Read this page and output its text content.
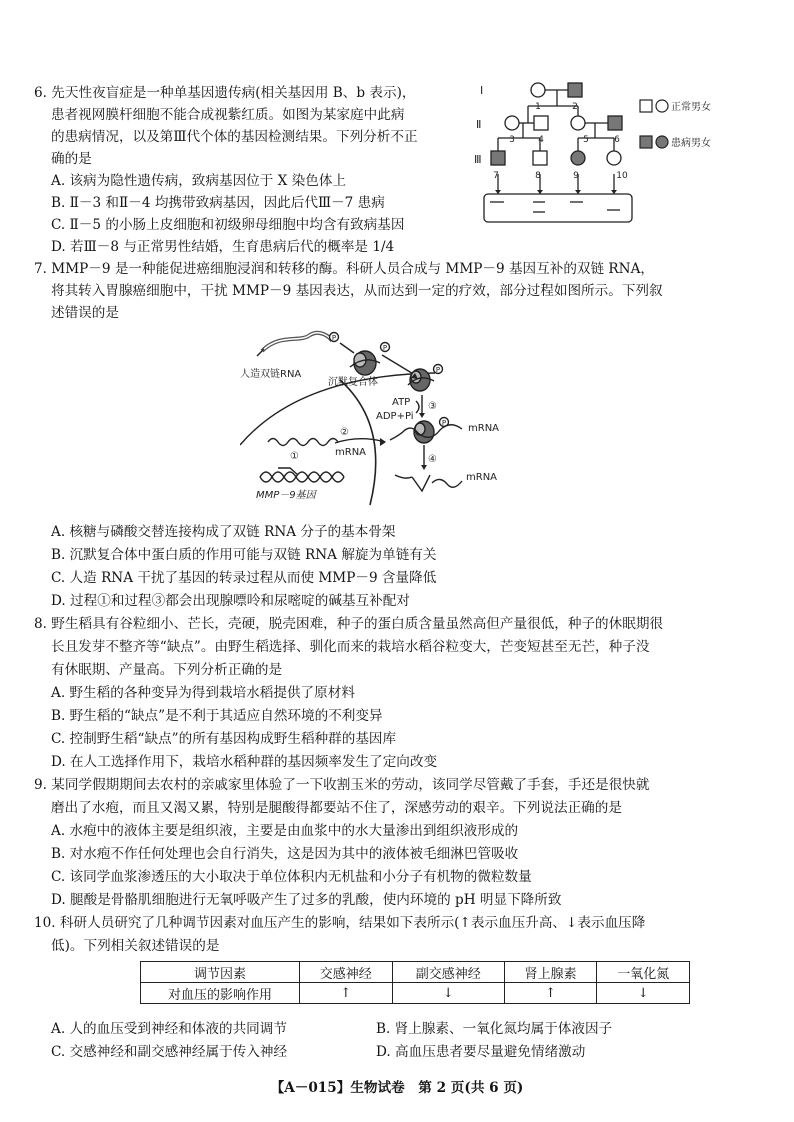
6. 先天性夜盲症是一种单基因遗传病(相关基因用 B、b 表示)，
患者视网膜杆细胞不能合成视紫红质。如图为某家庭中此病
的患病情况，以及第Ⅲ代个体的基因检测结果。下列分析不正
确的是
A. 该病为隐性遗传病，致病基因位于 X 染色体上
B. Ⅱ－3 和Ⅱ－4 均携带致病基因，因此后代Ⅲ－7 患病
C. Ⅱ－5 的小肠上皮细胞和初级卵母细胞中均含有致病基因
D. 若Ⅲ－8 与正常男性结婚，生育患病后代的概率是 1/4
Ⅰ
Ⅱ
Ⅲ
1	2
3	4	5	6
7	8	9	10
正常男女
患病男女
7. MMP－9 是一种能促进癌细胞浸润和转移的酶。科研人员合成与 MMP－9 基因互补的双链 RNA，
将其转入胃腺癌细胞中，干扰 MMP－9 基因表达，从而达到一定的疗效，部分过程如图所示。下列叙
述错误的是
P
P
P
P
人造双链RNA
沉默复合体
ATP
ADP+Pi
③
mRNA
④
mRNA
②
①	mRNA
MMP－9基因
A. 核糖与磷酸交替连接构成了双链 RNA 分子的基本骨架
B. 沉默复合体中蛋白质的作用可能与双链 RNA 解旋为单链有关
C. 人造 RNA 干扰了基因的转录过程从而使 MMP－9 含量降低
D. 过程①和过程③都会出现腺嘌呤和尿嘧啶的碱基互补配对
8. 野生稻具有谷粒细小、芒长，壳硬，脱壳困难，种子的蛋白质含量虽然高但产量很低，种子的休眠期很
长且发芽不整齐等“缺点”。由野生稻选择、驯化而来的栽培水稻谷粒变大，芒变短甚至无芒，种子没
有休眠期、产量高。下列分析正确的是
A. 野生稻的各种变异为得到栽培水稻提供了原材料
B. 野生稻的“缺点”是不利于其适应自然环境的不利变异
C. 控制野生稻“缺点”的所有基因构成野生稻种群的基因库
D. 在人工选择作用下，栽培水稻种群的基因频率发生了定向改变
9. 某同学假期期间去农村的亲戚家里体验了一下收割玉米的劳动，该同学尽管戴了手套，手还是很快就
磨出了水疱，而且又渴又累，特别是腿酸得都要站不住了，深感劳动的艰辛。下列说法正确的是
A. 水疱中的液体主要是组织液，主要是由血浆中的水大量渗出到组织液形成的
B. 对水疱不作任何处理也会自行消失，这是因为其中的液体被毛细淋巴管吸收
C. 该同学血浆渗透压的大小取决于单位体积内无机盐和小分子有机物的微粒数量
D. 腿酸是骨骼肌细胞进行无氧呼吸产生了过多的乳酸，使内环境的 pH 明显下降所致
10. 科研人员研究了几种调节因素对血压产生的影响，结果如下表所示(↑表示血压升高、↓表示血压降
低)。下列相关叙述错误的是
调节因素	交感神经	副交感神经	肾上腺素	一氧化氮
对血压的影响作用	↑	↓	↑	↓
A. 人的血压受到神经和体液的共同调节	B. 肾上腺素、一氧化氮均属于体液因子
C. 交感神经和副交感神经属于传入神经	D. 高血压患者要尽量避免情绪激动
【A－015】生物试卷　第 2 页(共 6 页)
